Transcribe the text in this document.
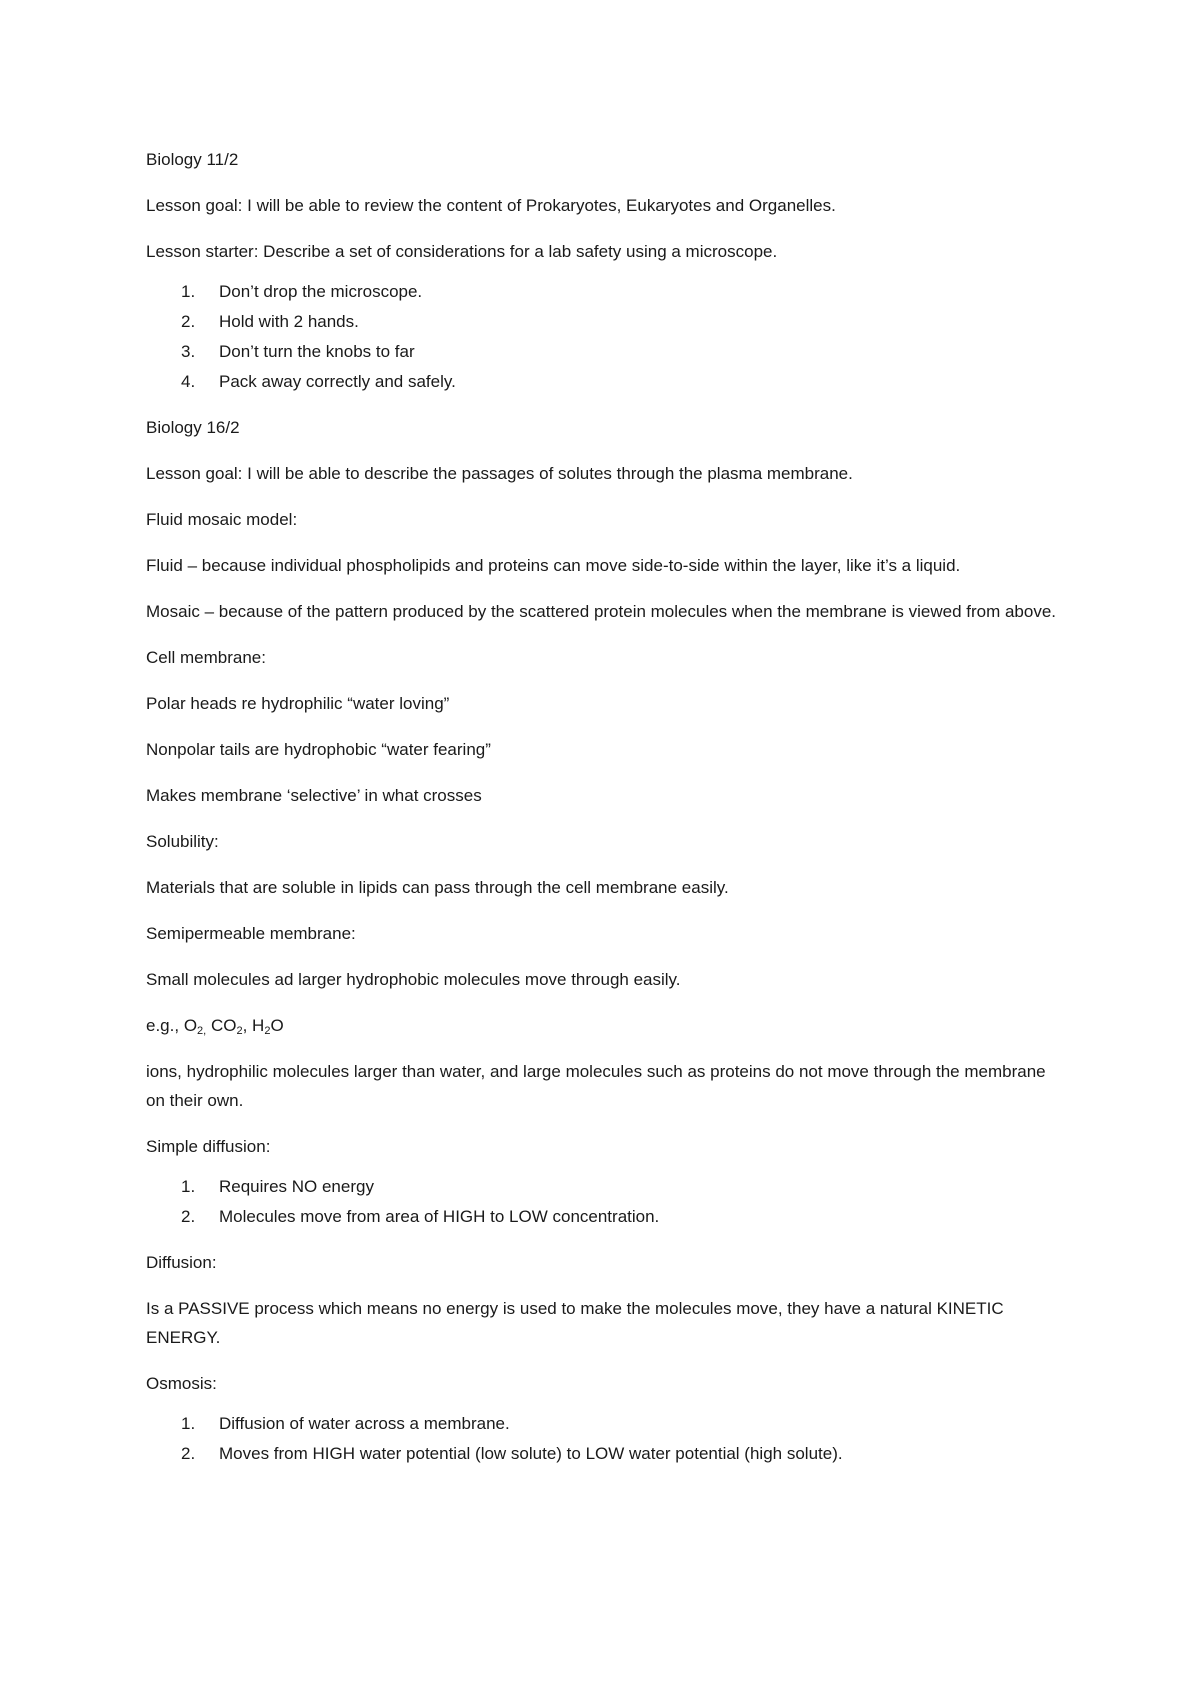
Biology 11/2

Lesson goal: I will be able to review the content of Prokaryotes, Eukaryotes and Organelles.

Lesson starter: Describe a set of considerations for a lab safety using a microscope.

1. Don’t drop the microscope.
2. Hold with 2 hands.
3. Don’t turn the knobs to far
4. Pack away correctly and safely.

Biology 16/2

Lesson goal: I will be able to describe the passages of solutes through the plasma membrane.

Fluid mosaic model:

Fluid – because individual phospholipids and proteins can move side-to-side within the layer, like it’s a liquid.

Mosaic – because of the pattern produced by the scattered protein molecules when the membrane is viewed from above.

Cell membrane:

Polar heads re hydrophilic “water loving”

Nonpolar tails are hydrophobic “water fearing”

Makes membrane ‘selective’ in what crosses

Solubility:

Materials that are soluble in lipids can pass through the cell membrane easily.

Semipermeable membrane:

Small molecules ad larger hydrophobic molecules move through easily.

e.g., $O_{2,}$ $CO_2$, $H_2O$

ions, hydrophilic molecules larger than water, and large molecules such as proteins do not move through the membrane on their own.

Simple diffusion:

1. Requires NO energy
2. Molecules move from area of HIGH to LOW concentration.

Diffusion:

Is a PASSIVE process which means no energy is used to make the molecules move, they have a natural KINETIC ENERGY.

Osmosis:

1. Diffusion of water across a membrane.
2. Moves from HIGH water potential (low solute) to LOW water potential (high solute).
